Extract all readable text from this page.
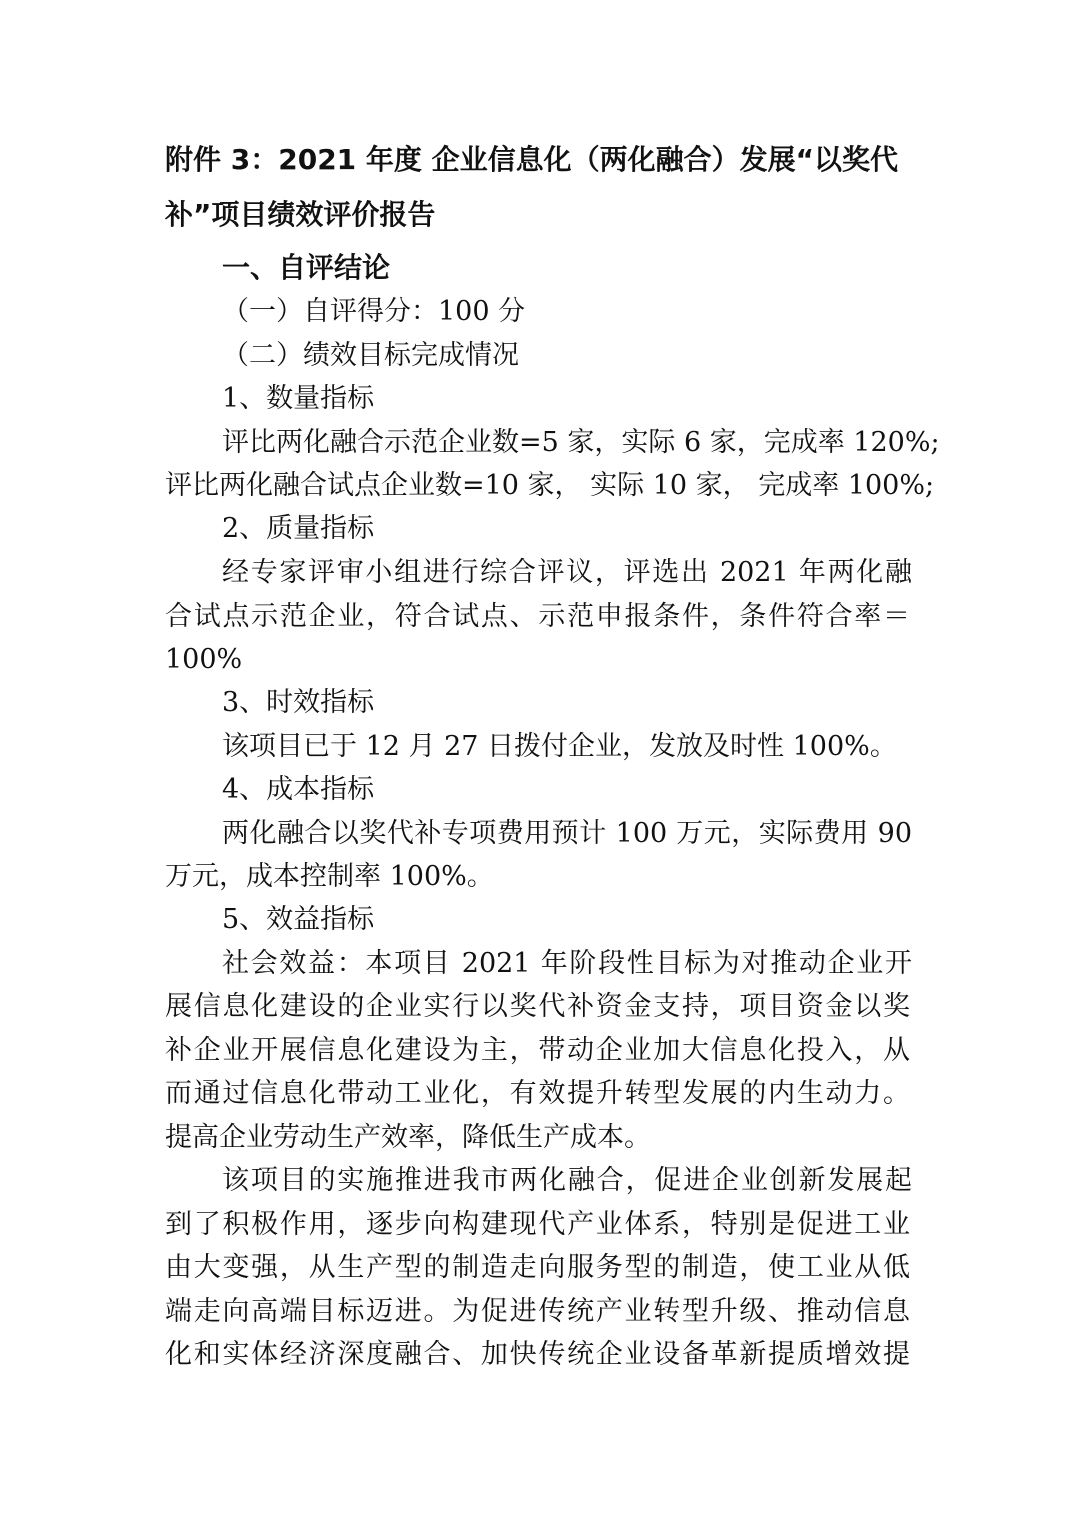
附件 3：2021 年度 企业信息化（两化融合）发展“以奖代

补”项目绩效评价报告

一、自评结论

（一）自评得分：100 分

（二）绩效目标完成情况

1、数量指标

评比两化融合示范企业数=5 家，实际 6 家，完成率 120%;

评比两化融合试点企业数=10 家， 实际 10 家， 完成率 100%;

2、质量指标

经专家评审小组进行综合评议，评选出 2021 年两化融

合试点示范企业，符合试点、示范申报条件，条件符合率＝

100%

3、时效指标

该项目已于 12 月 27 日拨付企业，发放及时性 100%。

4、成本指标

两化融合以奖代补专项费用预计 100 万元，实际费用 90

万元，成本控制率 100%。

5、效益指标

社会效益：本项目 2021 年阶段性目标为对推动企业开

展信息化建设的企业实行以奖代补资金支持，项目资金以奖

补企业开展信息化建设为主，带动企业加大信息化投入，从

而通过信息化带动工业化，有效提升转型发展的内生动力。

提高企业劳动生产效率，降低生产成本。

该项目的实施推进我市两化融合，促进企业创新发展起

到了积极作用，逐步向构建现代产业体系，特别是促进工业

由大变强，从生产型的制造走向服务型的制造，使工业从低

端走向高端目标迈进。为促进传统产业转型升级、推动信息

化和实体经济深度融合、加快传统企业设备革新提质增效提
